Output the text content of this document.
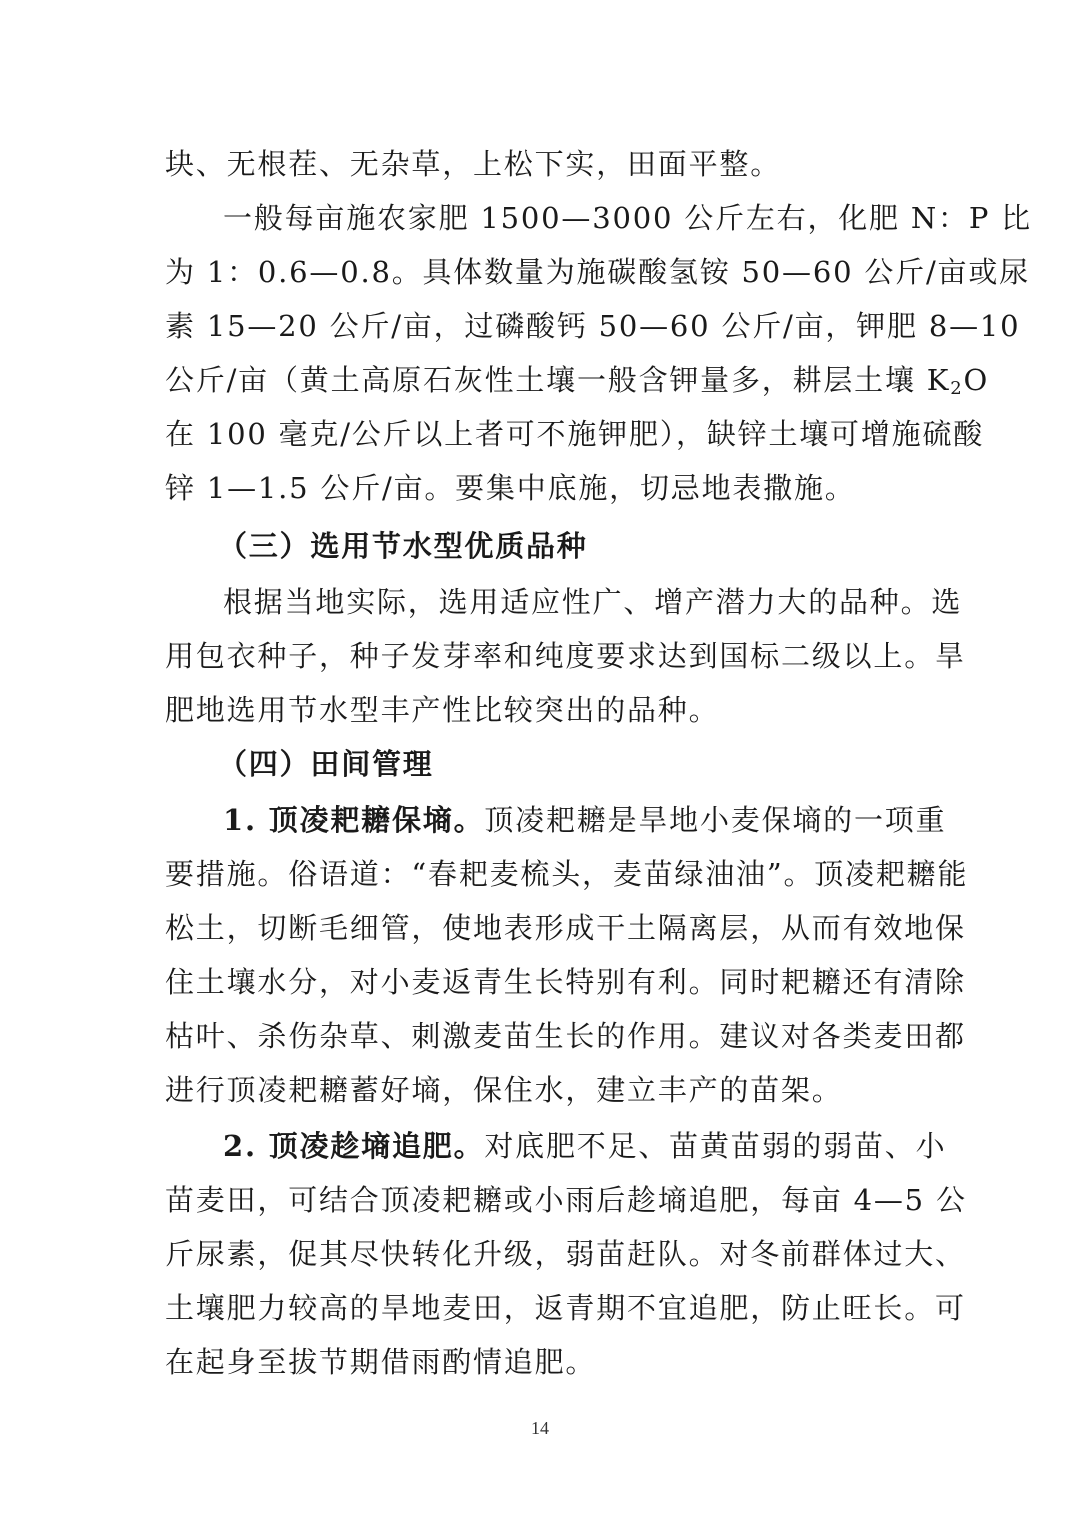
块、无根茬、无杂草，上松下实，田面平整。
一般每亩施农家肥 1500—3000 公斤左右，化肥 N：P 比
为 1：0.6—0.8。具体数量为施碳酸氢铵 50—60 公斤/亩或尿
素 15—20 公斤/亩，过磷酸钙 50—60 公斤/亩，钾肥 8—10
公斤/亩（黄土高原石灰性土壤一般含钾量多，耕层土壤 $K_2O$
在 100 毫克/公斤以上者可不施钾肥），缺锌土壤可增施硫酸
锌 1—1.5 公斤/亩。要集中底施，切忌地表撒施。
（三）选用节水型优质品种
根据当地实际，选用适应性广、增产潜力大的品种。选
用包衣种子，种子发芽率和纯度要求达到国标二级以上。旱
肥地选用节水型丰产性比较突出的品种。
（四）田间管理
1. 顶凌耙耱保墒。顶凌耙耱是旱地小麦保墒的一项重
要措施。俗语道：“春耙麦梳头，麦苗绿油油”。顶凌耙耱能
松土，切断毛细管，使地表形成干土隔离层，从而有效地保
住土壤水分，对小麦返青生长特别有利。同时耙耱还有清除
枯叶、杀伤杂草、刺激麦苗生长的作用。建议对各类麦田都
进行顶凌耙耱蓄好墒，保住水，建立丰产的苗架。
2. 顶凌趁墒追肥。对底肥不足、苗黄苗弱的弱苗、小
苗麦田，可结合顶凌耙耱或小雨后趁墒追肥，每亩 4—5 公
斤尿素，促其尽快转化升级，弱苗赶队。对冬前群体过大、
土壤肥力较高的旱地麦田，返青期不宜追肥，防止旺长。可
在起身至拔节期借雨酌情追肥。
14
